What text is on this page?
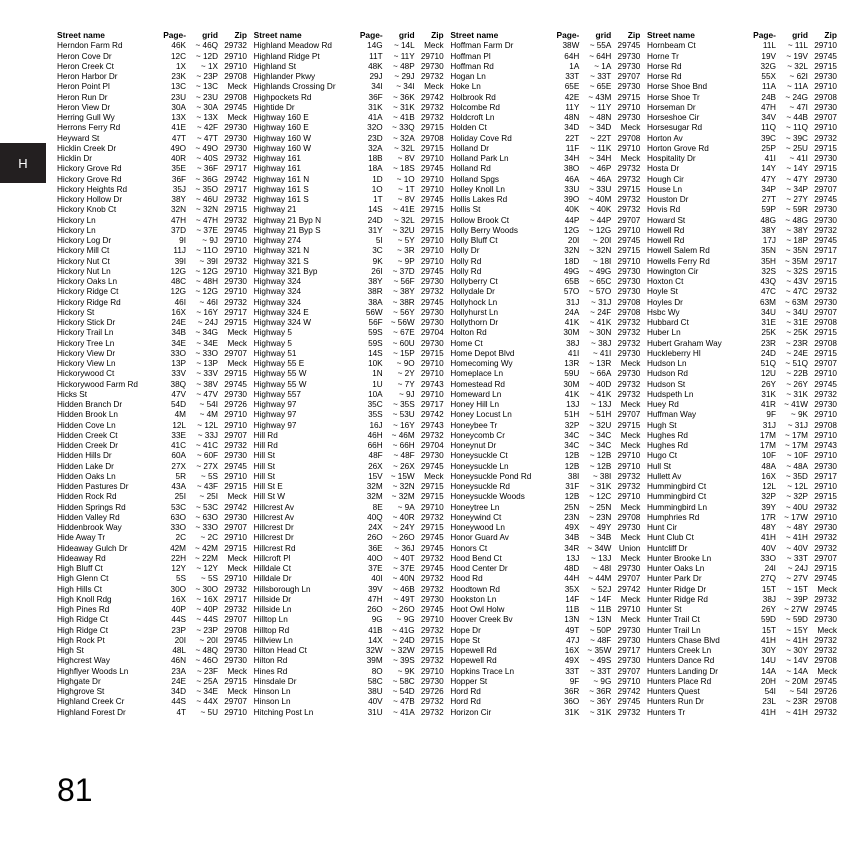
H
Street name	Page-	grid	Zip
Herndon Farm Rd	46K	~ 46Q 29732
Heron Cove Dr	12C	~ 12D 29710
Heron Creek Ct	1X	~ 1X 29710
Heron Harbor Dr	23K	~ 23P 29708
Heron Point Pl	13C	~ 13C	Meck
Heron Run Dr	23U	~ 23U 29708
Heron View Dr	30A	~ 30A 29745
Herring Gull Wy	13X	~ 13X	Meck
Herrons Ferry Rd	41E	~ 42F 29730
Heyward St	47T	~ 47T 29730
Hicklin Creek Dr	49O	~ 49O 29730
Hicklin Dr	40R	~ 40S 29732
Hickory Grove Rd	35E	~ 36F 29717
Hickory Grove Rd	36F	~ 36G 29742
Hickory Heights Rd	35J	~ 35O 29717
Hickory Hollow Dr	38Y	~ 46U 29732
Hickory Knob Ct	32N	~ 32N 29715
Hickory Ln	47H	~ 47H 29732
Hickory Ln	37D	~ 37E 29745
Hickory Log Dr	9I	~ 9J 29710
Hickory Mill Ct	11J	~ 11O 29710
Hickory Nut Ct	39I	~ 39I 29732
Hickory Nut Ln	12G	~ 12G 29710
Hickory Oaks Ln	48C	~ 48H 29730
Hickory Ridge Ct	12G	~ 12G 29710
Hickory Ridge Rd	46I	~ 46I 29732
Hickory St	16X	~ 16Y 29717
Hickory Stick Dr	24E	~ 24J 29715
Hickory Trail Ln	34B	~ 34G	Meck
Hickory Tree Ln	34E	~ 34E	Meck
Hickory View Dr	33O	~ 33O 29707
Hickory View Ln	13P	~ 13P	Meck
Hickorywood Ct	33V	~ 33V 29715
Hickorywood Farm Rd	38Q	~ 38V 29745
Hicks St	47V	~ 47V 29730
Hidden Branch Dr	54D	~ 54I 29726
Hidden Brook Ln	4M	~ 4M 29710
Hidden Cove Ln	12L	~ 12L 29710
Hidden Creek Ct	33E	~ 33J 29707
Hidden Creek Dr	41C	~ 41C 29732
Hidden Hills Dr	60A	~ 60F 29730
Hidden Lake Dr	27X	~ 27X 29745
Hidden Oaks Ln	5R	~ 5S 29710
Hidden Pastures Dr	43A	~ 43F 29715
Hidden Rock Rd	25I	~ 25I	Meck
Hidden Springs Rd	53C	~ 53C 29742
Hidden Valley Rd	63O	~ 63O 29730
Hiddenbrook Way	33O	~ 33O 29707
Hide Away Tr	2C	~ 2C 29710
Hideaway Gulch Dr	42M	~ 42M 29715
Hideaway Rd	22H	~ 22M	Meck
High Bluff Ct	12Y	~ 12Y	Meck
High Glenn Ct	5S	~ 5S 29710
High Hills Ct	30O	~ 30O 29732
High Knoll Rdg	16X	~ 16X 29717
High Pines Rd	40P	~ 40P 29732
High Ridge Ct	44S	~ 44S 29707
High Ridge Ct	23P	~ 23P 29708
High Rock Pt	20I	~ 20I 29745
High St	48L	~ 48Q 29730
Highcrest Way	46N	~ 46O 29730
Highflyer Woods Ln	23A	~ 23F	Meck
Highgate Dr	24E	~ 25A 29715
Highgrove St	34D	~ 34E	Meck
Highland Creek Cr	44S	~ 44X 29707
Highland Forest Dr	4T	~ 5U 29710
Street name	Page-	grid	Zip
Highland Meadow Rd	14G	~ 14L	Meck
Highland Ridge Pt	11T	~ 11Y 29710
Highland St	48K	~ 48P 29730
Highlander Pkwy	29J	~ 29J 29732
Highlands Crossing Dr	34I	~ 34I	Meck
Highpockets Rd	36F	~ 36K 29742
Hightide Dr	31K	~ 31K 29732
Highway 160 E	41A	~ 41B 29732
Highway 160 E	32O	~ 33Q 29715
Highway 160 W	23D	~ 32A 29708
Highway 160 W	32A	~ 32L 29715
Highway 161	18B	~ 8V 29710
Highway 161	18A	~ 18S 29745
Highway 161 N	1D	~ 1O 29710
Highway 161 S	1O	~ 1T 29710
Highway 161 S	1T	~ 8V 29745
Highway 21	14S	~ 41E 29715
Highway 21 Byp N	24D	~ 32L 29715
Highway 21 Byp S	31Y	~ 32U 29715
Highway 274	5I	~ 5Y 29710
Highway 321 N	3C	~ 3R 29710
Highway 321 S	9K	~ 9P 29710
Highway 321 Byp	26I	~ 37D 29745
Highway 324	38Y	~ 56F 29730
Highway 324	38R	~ 38Y 29732
Highway 324	38A	~ 38R 29745
Highway 324 E	56W	~ 56Y 29730
Highway 324 W	56F ~ 56W 29730
Highway 5	59S	~ 67E 29704
Highway 5	59S	~ 60U 29730
Highway 51	14S	~ 15P 29715
Highway 55 E	10K	~ 9O 29710
Highway 55 W	1N	~ 2Y 29710
Highway 55 W	1U	~ 7Y 29743
Highway 557	10A	~ 9J 29710
Highway 97	35C	~ 35S 29717
Highway 97	35S	~ 53U 29742
Highway 97	16J	~ 16Y 29743
Hill Rd	46H	~ 46M 29732
Hill Rd	66H	~ 66H 29704
Hill St	48F	~ 48F 29730
Hill St	26X	~ 26X 29745
Hill St	15V ~ 15W	Meck
Hill St E	32M	~ 32N 29715
Hill St W	32M	~ 32M 29715
Hillcrest Av	8E	~ 9A 29710
Hillcrest Av	40Q	~ 40R 29732
Hillcrest Dr	24X	~ 24Y 29715
Hillcrest Dr	26O	~ 26O 29745
Hillcrest Rd	36E	~ 36J 29745
Hillcroft Pl	40O	~ 40T 29732
Hilldale Ct	37E	~ 37E 29745
Hilldale Dr	40I	~ 40N 29732
Hillsborough Ln	39V	~ 46B 29732
Hillside Dr	47H	~ 49T 29730
Hillside Ln	26O	~ 26O 29745
Hilltop Ln	9G	~ 9G 29710
Hilltop Rd	41B	~ 41G 29732
Hillview Ln	14X	~ 24D 29715
Hilton Head Ct	32W ~ 32W 29715
Hilton Rd	39M	~ 39S 29732
Hines Rd	8O	~ 9K 29710
Hinsdale Dr	58C	~ 58C 29730
Hinson Ln	38U	~ 54D 29726
Hinson Ln	40V	~ 47B 29732
Hitching Post Ln	31U	~ 41A 29732
Street name	Page-	grid	Zip
Hoffman Farm Dr	38W	~ 55A 29745
Hoffman Pl	64H	~ 64H 29730
Hoffman Rd	1A	~ 1A 29730
Hogan Ln	33T	~ 33T 29707
Hoke Ln	65E	~ 65E 29730
Holbrook Rd	42E	~ 43M 29715
Holcombe Rd	11Y	~ 11Y 29710
Holdcroft Ln	48N	~ 48N 29730
Holden Ct	34D	~ 34D	Meck
Holiday Cove Rd	22T	~ 22T 29708
Holland Dr	11F	~ 11K 29710
Holland Park Ln	34H	~ 34H	Meck
Holland Rd	38O	~ 46P 29732
Holland Spgs	46A	~ 46A 29732
Holley Knoll Ln	33U	~ 33U 29715
Hollis Lakes Rd	39O	~ 40M 29732
Hollis St	40K	~ 40K 29732
Hollow Brook Ct	44P	~ 44P 29707
Holly Berry Woods	12G	~ 12G 29710
Holly Bluff Ct	20I	~ 20I 29745
Holly Dr	32N	~ 32N 29715
Holly Rd	18D	~ 18I 29710
Holly Rd	49G	~ 49G 29730
Hollyberry Ct	65B	~ 65C 29730
Hollydale Dr	57O	~ 57O 29730
Hollyhock Ln	31J	~ 31J 29708
Hollyhurst Ln	24A	~ 24F 29708
Hollythorn Dr	41K	~ 41K 29732
Holton Rd	30M	~ 30N 29732
Home Ct	38J	~ 38J 29732
Home Depot Blvd	41I	~ 41I 29730
Homecoming Wy	13R	~ 13R	Meck
Homeplace Ln	59U	~ 66A 29730
Homestead Rd	30M	~ 40D 29732
Homeward Ln	41K	~ 41K 29732
Honey Hill Ln	13J	~ 13J	Meck
Honey Locust Ln	51H	~ 51H 29707
Honeybee Tr	32P	~ 32U 29715
Honeycomb Cr	34C	~ 34C	Meck
Honeynut Dr	34C	~ 34C	Meck
Honeysuckle Ct	12B	~ 12B 29710
Honeysuckle Ln	12B	~ 12B 29710
Honeysuckle Pond Rd	38I	~ 38I 29732
Honeysuckle Rd	31F	~ 31K 29732
Honeysuckle Woods	12B	~ 12C 29710
Honeytree Ln	25N	~ 25N	Meck
Honeywind Ct	23N	~ 23N 29708
Honeywood Ln	49X	~ 49Y 29730
Honor Guard Av	34B	~ 34B	Meck
Honors Ct	34R ~ 34W Union
Hood Bend Ct	13J	~ 13J	Meck
Hood Center Dr	48D	~ 48I 29730
Hood Rd	44H	~ 44M 29707
Hoodtown Rd	35X	~ 52J 29742
Hookston Ln	14F	~ 14F	Meck
Hoot Owl Holw	11B	~ 11B 29710
Hoover Creek Bv	13N	~ 13N	Meck
Hope Dr	49T	~ 50P 29730
Hope St	47J	~ 48F 29730
Hopewell Rd	16X ~ 35W 29717
Hopewell Rd	49X	~ 49S 29730
Hopkins Trace Ln	33T	~ 33T 29707
Hopper St	9F	~ 9G 29710
Hord Rd	36R	~ 36R 29742
Hord Rd	36O	~ 36Y 29745
Horizon Cir	31K	~ 31K 29732
Street name	Page-	grid	Zip
Hornbeam Ct	11L	~ 11L 29710
Horne Tr	19V	~ 19V 29745
Horse Rd	32G	~ 32L 29715
Horse Rd	55X	~ 62I 29730
Horse Shoe Bnd	11A	~ 11A 29710
Horse Shoe Tr	24B	~ 24G 29708
Horseman Dr	47H	~ 47I 29730
Horseshoe Cir	34V	~ 44B 29707
Horsesugar Rd	11Q	~ 11Q 29710
Horton Av	39C	~ 39C 29732
Horton Grove Rd	25P	~ 25U 29715
Hospitality Dr	41I	~ 41I 29730
Hosta Dr	14Y	~ 14Y 29715
Hough Cir	47Y	~ 47Y 29730
House Ln	34P	~ 34P 29707
Houston Dr	27T	~ 27Y 29745
Hovis Rd	59P	~ 59R 29730
Howard St	48G	~ 48G 29730
Howell Rd	38Y	~ 38Y 29732
Howell Rd	17J	~ 18P 29745
Howell Salem Rd	35N	~ 35N 29717
Howells Ferry Rd	35H	~ 35M 29717
Howington Cir	32S	~ 32S 29715
Hoxton Ct	43Q	~ 43V 29715
Hoyle St	47C	~ 47C 29732
Hoyles Dr	63M	~ 63M 29730
Hsbc Wy	34U	~ 34U 29707
Hubbard Ct	31E	~ 31E 29708
Huber Ln	25K	~ 25K 29715
Hubert Graham Way	23R	~ 23R 29708
Huckleberry Hl	24D	~ 24E 29715
Hudson Ln	51Q	~ 51Q 29707
Hudson Rd	12U	~ 22B 29710
Hudson St	26Y	~ 26Y 29745
Hudspeth Ln	31K	~ 31K 29732
Huey Rd	41R ~ 41W 29730
Huffman Way	9F	~ 9K 29710
Hugh St	31J	~ 31J 29708
Hughes Rd	17M	~ 17M 29710
Hughes Rd	17M	~ 17M 29743
Hugo Ct	10F	~ 10F 29710
Hull St	48A	~ 48A 29730
Hullett Av	16X	~ 35D 29717
Hummingbird Ct	12L	~ 12L 29710
Hummingbird Ct	32P	~ 32P 29715
Hummingbird Ln	39Y	~ 40U 29732
Humphries Rd	17R ~ 17W 29710
Hunt Cir	48Y	~ 48Y 29730
Hunt Club Ct	41H	~ 41H 29732
Huntcliff Dr	40V	~ 40V 29732
Hunter Brooke Ln	33O	~ 33T 29707
Hunter Oaks Ln	24I	~ 24J 29715
Hunter Park Dr	27Q	~ 27V 29745
Hunter Ridge Dr	15T	~ 15T	Meck
Hunter Ridge Rd	38J	~ 39P 29732
Hunter St	26Y ~ 27W 29745
Hunter Trail Ct	59D	~ 59D 29730
Hunter Trail Ln	15T	~ 15Y	Meck
Hunters Chase Blvd	41H	~ 41H 29732
Hunters Creek Ln	30Y	~ 30Y 29732
Hunters Dance Rd	14U	~ 14V 29708
Hunters Landing Dr	14A	~ 14A	Meck
Hunters Place Rd	20H	~ 20M 29745
Hunters Quest	54I	~ 54I 29726
Hunters Run Dr	23L	~ 23R 29708
Hunters Tr	41H	~ 41H 29732
81
